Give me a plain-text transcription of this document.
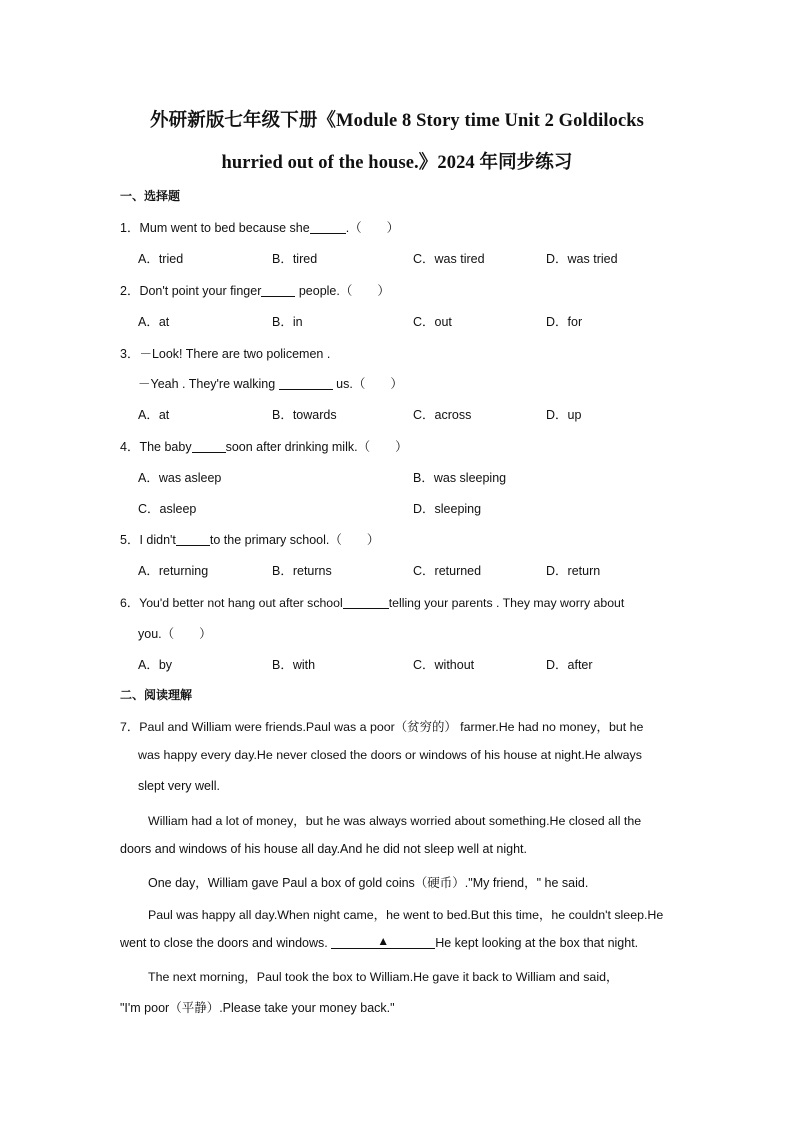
外研新版七年级下册《Module 8 Story time Unit 2 Goldilocks
hurried out of the house.》2024 年同步练习
一、选择题
1．Mum went to bed because she	.（　　）
A．tried	B．tired	C．was tired	D．was tried
2．Don't point your finger	people.（　　）
A．at	B．in	C．out	D．for
3．－Look! There are two policemen .
－Yeah . They're walking	us.（　　）
A．at	B．towards	C．across	D．up
4．The baby	soon after drinking milk.（　　）
A．was asleep	B．was sleeping
C．asleep	D．sleeping
5．I didn't	to the primary school.（　　）
A．returning	B．returns	C．returned	D．return
6．You'd better not hang out after school	telling your parents . They may worry about
you.（　　）
A．by	B．with	C．without	D．after
二、阅读理解
7．Paul and William were friends.Paul was a poor（贫穷的） farmer.He had no money，but he
was happy every day.He never closed the doors or windows of his house at night.He always
slept very well.
William had a lot of money，but he was always worried about something.He closed all the
doors and windows of his house all day.And he did not sleep well at night.
One day，William gave Paul a box of gold coins（硬币）."My friend，" he said.
Paul was happy all day.When night came，he went to bed.But this time，he couldn't sleep.He
went to close the doors and windows.	▲	He kept looking at the box that night.
The next morning，Paul took the box to William.He gave it back to William and said，
"I'm poor（平静）.Please take your money back."
